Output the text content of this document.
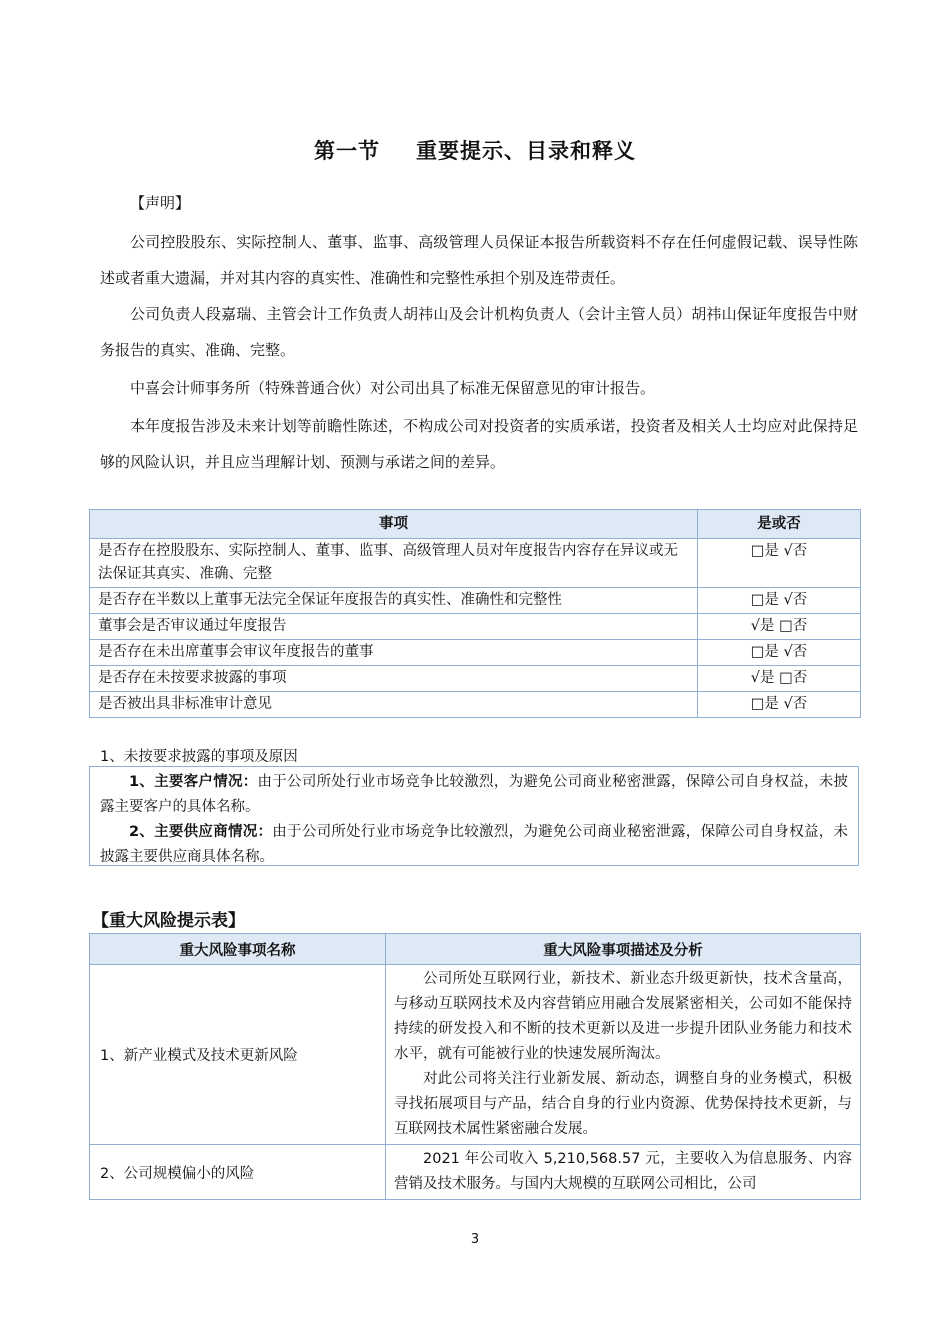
第一节 重要提示、目录和释义
【声明】

公司控股股东、实际控制人、董事、监事、高级管理人员保证本报告所载资料不存在任何虚假记载、误导性陈述或者重大遗漏，并对其内容的真实性、准确性和完整性承担个别及连带责任。

公司负责人段嘉瑞、主管会计工作负责人胡祎山及会计机构负责人（会计主管人员）胡祎山保证年度报告中财务报告的真实、准确、完整。

中喜会计师事务所（特殊普通合伙）对公司出具了标准无保留意见的审计报告。

本年度报告涉及未来计划等前瞻性陈述，不构成公司对投资者的实质承诺，投资者及相关人士均应对此保持足够的风险认识，并且应当理解计划、预测与承诺之间的差异。

事项	是或否
是否存在控股股东、实际控制人、董事、监事、高级管理人员对年度报告内容存在异议或无法保证其真实、准确、完整	□是 √否
是否存在半数以上董事无法完全保证年度报告的真实性、准确性和完整性	□是 √否
董事会是否审议通过年度报告	√是 □否
是否存在未出席董事会审议年度报告的董事	□是 √否
是否存在未按要求披露的事项	√是 □否
是否被出具非标准审计意见	□是 √否
1、未按要求披露的事项及原因

1、主要客户情况：由于公司所处行业市场竞争比较激烈，为避免公司商业秘密泄露，保障公司自身权益，未披露主要客户的具体名称。

2、主要供应商情况：由于公司所处行业市场竞争比较激烈，为避免公司商业秘密泄露，保障公司自身权益，未披露主要供应商具体名称。

【重大风险提示表】
重大风险事项名称	重大风险事项描述及分析
1、新产业模式及技术更新风险	公司所处互联网行业，新技术、新业态升级更新快，技术含量高，与移动互联网技术及内容营销应用融合发展紧密相关，公司如不能保持持续的研发投入和不断的技术更新以及进一步提升团队业务能力和技术水平，就有可能被行业的快速发展所淘汰。

对此公司将关注行业新发展、新动态，调整自身的业务模式，积极寻找拓展项目与产品，结合自身的行业内资源、优势保持技术更新，与互联网技术属性紧密融合发展。

2、公司规模偏小的风险	2021 年公司收入 5,210,568.57 元，主要收入为信息服务、内容营销及技术服务。与国内大规模的互联网公司相比，公司

3
